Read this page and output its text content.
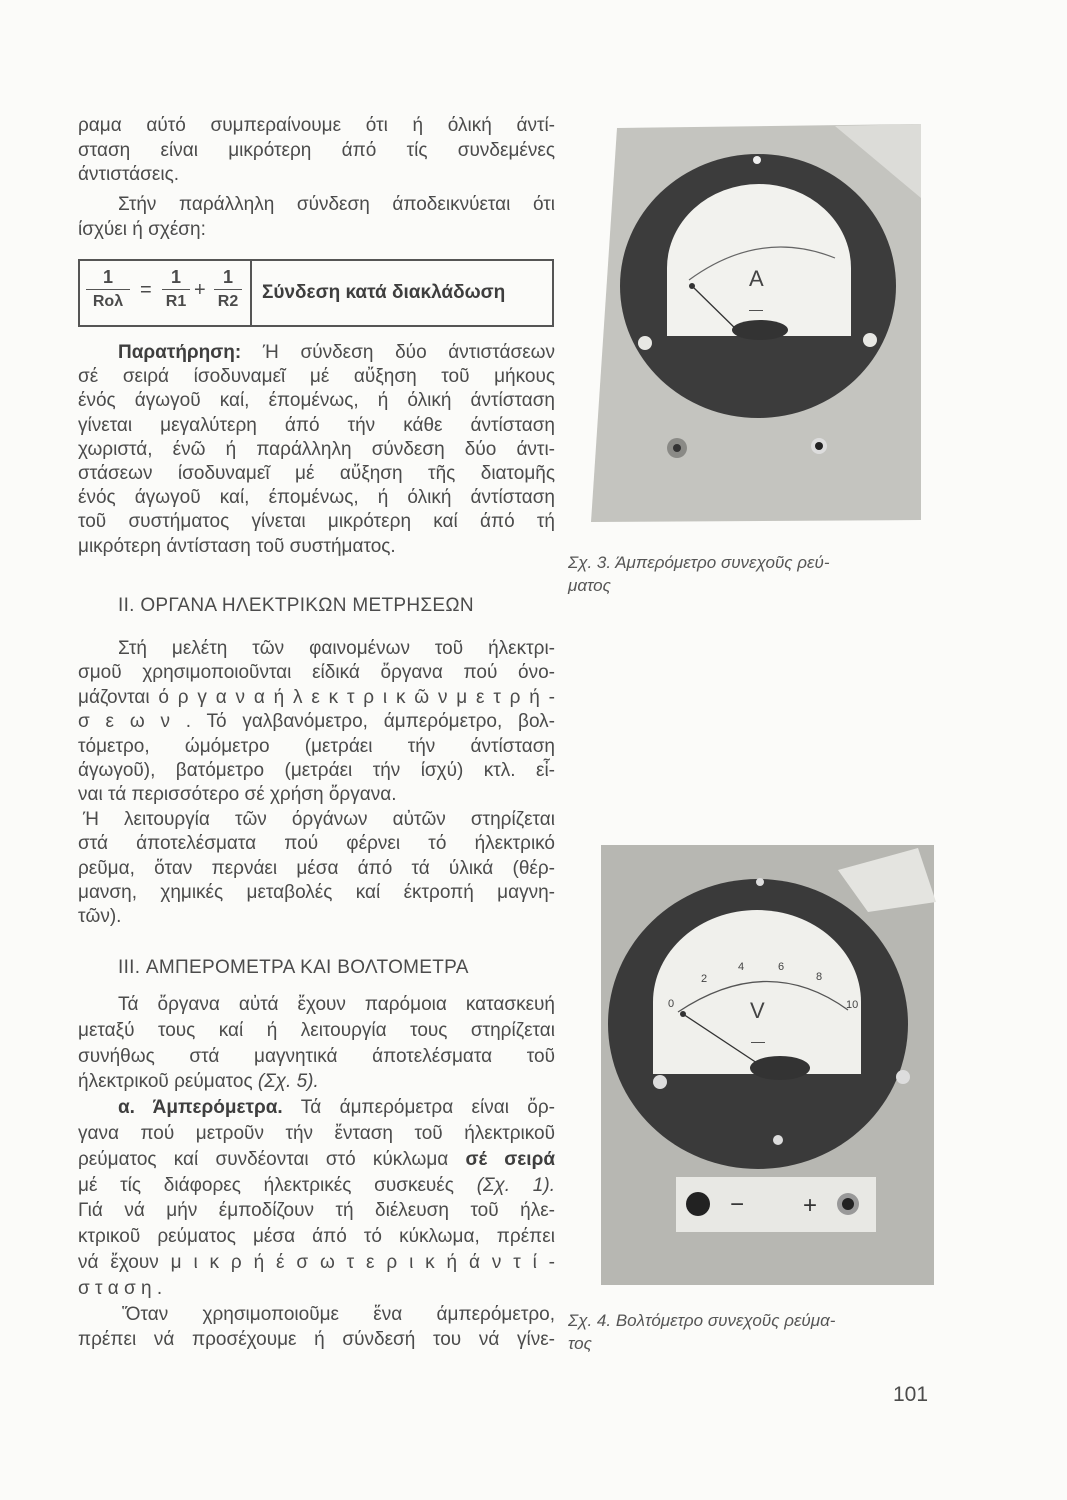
ραμα αύτό συμπεραίνουμε ότι ή όλική άντί-
σταση είναι μικρότερη άπό τίς συνδεμένες
άντιστάσεις.
Στήν παράλληλη σύνδεση άποδεικνύεται ότι
ίσχύει ή σχέση:
1
Rολ
= $\frac{1}{R1} + \frac{1}{R2}$	Σύνδεση κατά διακλάδωση
Παρατήρηση: Ή σύνδεση δύο άντιστάσεων
σέ σειρά ίσοδυναμεῖ μέ αὔξηση τοῦ μήκους
ένός άγωγοῦ καί, έπομένως, ή όλική άντίσταση
γίνεται μεγαλύτερη άπό τήν κάθε άντίσταση
χωριστά, ένῶ ή παράλληλη σύνδεση δύο άντι-
στάσεων ίσοδυναμεῖ μέ αὔξηση τῆς διατομῆς
ένός άγωγοῦ καί, έπομένως, ή όλική άντίσταση
τοῦ συστήματος γίνεται μικρότερη καί άπό τή
μικρότερη άντίσταση τοῦ συστήματος.
II. ΟΡΓΑΝΑ ΗΛΕΚΤΡΙΚΩΝ ΜΕΤΡΗΣΕΩΝ
Στή μελέτη τῶν φαινομένων τοῦ ήλεκτρι-
σμοῦ χρησιμοποιοῦνται είδικά ὄργανα πού όνο-
μάζονται ό ρ γ α ν α ή λ ε κ τ ρ ι κ ῶ ν μ ε τ ρ ή -
σ ε ω ν . Τό γαλβανόμετρο, άμπερόμετρο, βολ-
τόμετρο, ώμόμετρο (μετράει τήν άντίσταση
άγωγοῦ), βατόμετρο (μετράει τήν ίσχύ) κτλ. εἶ-
ναι τά περισσότερο σέ χρήση ὄργανα.
Ή λειτουργία τῶν όργάνων αὐτῶν στηρίζεται
στά άποτελέσματα πού φέρνει τό ήλεκτρικό
ρεῦμα, ὅταν περνάει μέσα άπό τά ύλικά (θέρ-
μανση, χημικές μεταβολές καί έκτροπή μαγνη-
τῶν).
III. ΑΜΠΕΡΟΜΕΤΡΑ ΚΑΙ ΒΟΛΤΟΜΕΤΡΑ
Τά ὄργανα αὐτά ἔχουν παρόμοια κατασκευή
μεταξύ τους καί ή λειτουργία τους στηρίζεται
συνήθως στά μαγνητικά άποτελέσματα τοῦ
ήλεκτρικοῦ ρεύματος (Σχ. 5).
α. Άμπερόμετρα. Τά άμπερόμετρα είναι ὄρ-
γανα πού μετροῦν τήν ἔνταση τοῦ ήλεκτρικοῦ
ρεύματος καί συνδέονται στό κύκλωμα σέ σειρά
μέ τίς διάφορες ήλεκτρικές συσκευές (Σχ. 1).
Γιά νά μήν έμποδίζουν τή διέλευση τοῦ ήλε-
κτρικοῦ ρεύματος μέσα άπό τό κύκλωμα, πρέπει
νά ἔχουν μ ι κ ρ ή έ σ ω τ ε ρ ι κ ή ά ν τ ί -
σ τ α σ η .
Ὅταν χρησιμοποιοῦμε ἕνα άμπερόμετρο,
πρέπει νά προσέχουμε ή σύνδεσή του νά γίνε-
A
—
Σχ. 3. Άμπερόμετρο συνεχοῦς ρεύ-
ματος
0
2
4	6
8
10
V
—
− +
Σχ. 4. Βολτόμετρο συνεχοῦς ρεύμα-
τος
101
